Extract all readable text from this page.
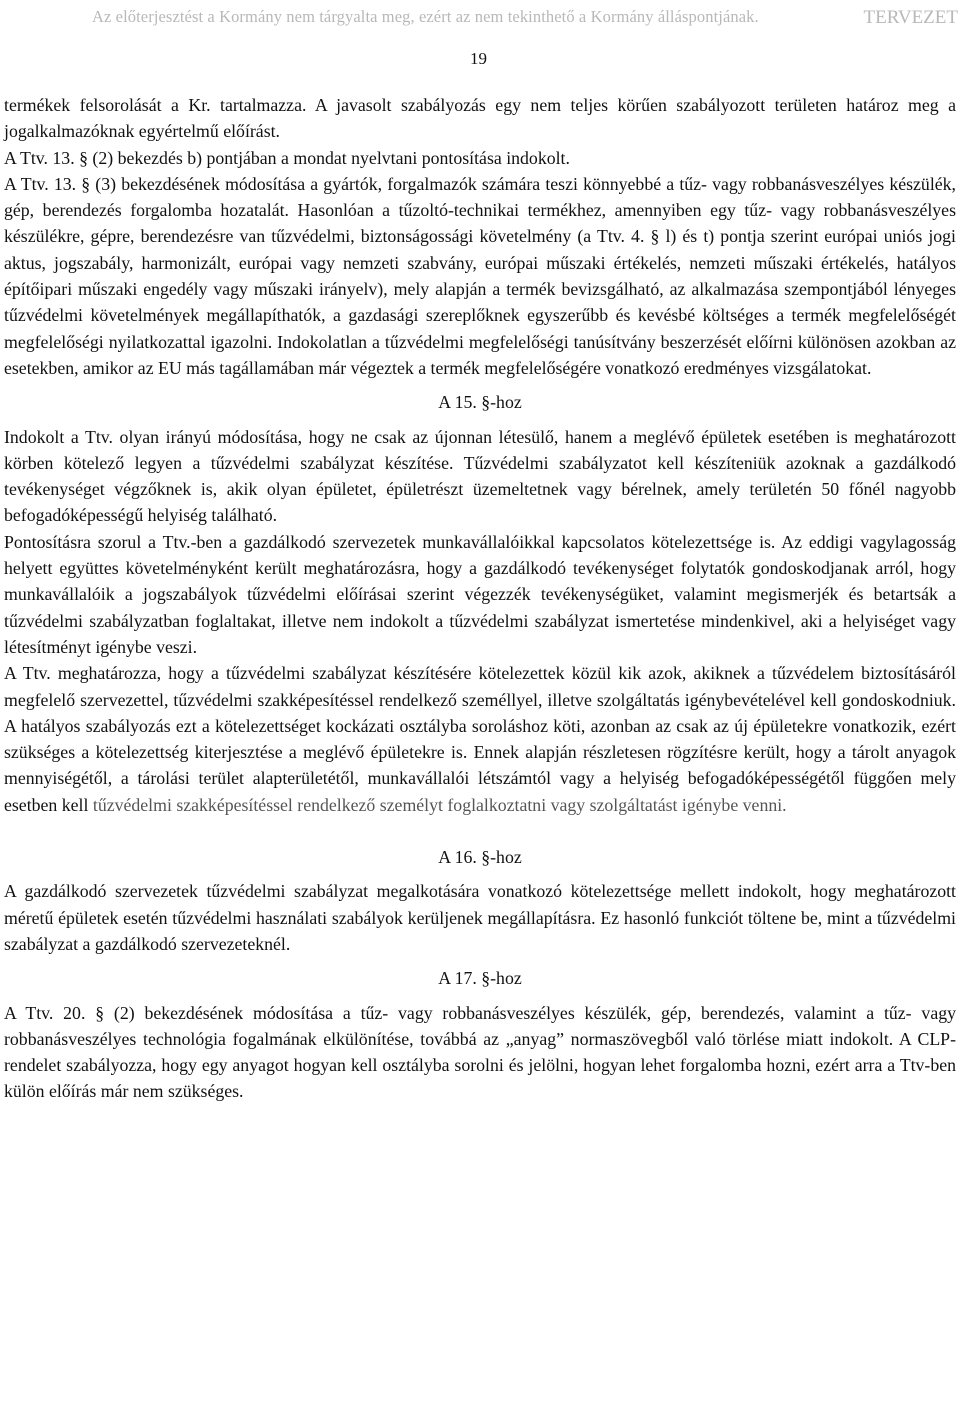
Az előterjesztést a Kormány nem tárgyalta meg, ezért az nem tekinthető a Kormány álláspontjának.	TERVEZET
19

termékek felsorolását a Kr. tartalmazza. A javasolt szabályozás egy nem teljes körűen szabályozott területen határoz meg a jogalkalmazóknak egyértelmű előírást.

A Ttv. 13. § (2) bekezdés b) pontjában a mondat nyelvtani pontosítása indokolt.

A Ttv. 13. § (3) bekezdésének módosítása a gyártók, forgalmazók számára teszi könnyebbé a tűz- vagy robbanásveszélyes készülék, gép, berendezés forgalomba hozatalát. Hasonlóan a tűzoltó-technikai termékhez, amennyiben egy tűz- vagy robbanásveszélyes készülékre, gépre, berendezésre van tűzvédelmi, biztonságossági követelmény (a Ttv. 4. § l) és t) pontja szerint európai uniós jogi aktus, jogszabály, harmonizált, európai vagy nemzeti szabvány, európai műszaki értékelés, nemzeti műszaki értékelés, hatályos építőipari műszaki engedély vagy műszaki irányelv), mely alapján a termék bevizsgálható, az alkalmazása szempontjából lényeges tűzvédelmi követelmények megállapíthatók, a gazdasági szereplőknek egyszerűbb és kevésbé költséges a termék megfelelőségét megfelelőségi nyilatkozattal igazolni. Indokolatlan a tűzvédelmi megfelelőségi tanúsítvány beszerzését előírni különösen azokban az esetekben, amikor az EU más tagállamában már végeztek a termék megfelelőségére vonatkozó eredményes vizsgálatokat.

A 15. §-hoz

Indokolt a Ttv. olyan irányú módosítása, hogy ne csak az újonnan létesülő, hanem a meglévő épületek esetében is meghatározott körben kötelező legyen a tűzvédelmi szabályzat készítése. Tűzvédelmi szabályzatot kell készíteniük azoknak a gazdálkodó tevékenységet végzőknek is, akik olyan épületet, épületrészt üzemeltetnek vagy bérelnek, amely területén 50 főnél nagyobb befogadóképességű helyiség található.

Pontosításra szorul a Ttv.-ben a gazdálkodó szervezetek munkavállalóikkal kapcsolatos kötelezettsége is. Az eddigi vagylagosság helyett együttes követelményként került meghatározásra, hogy a gazdálkodó tevékenységet folytatók gondoskodjanak arról, hogy munkavállalóik a jogszabályok tűzvédelmi előírásai szerint végezzék tevékenységüket, valamint megismerjék és betartsák a tűzvédelmi szabályzatban foglaltakat, illetve nem indokolt a tűzvédelmi szabályzat ismertetése mindenkivel, aki a helyiséget vagy létesítményt igénybe veszi.

A Ttv. meghatározza, hogy a tűzvédelmi szabályzat készítésére kötelezettek közül kik azok, akiknek a tűzvédelem biztosításáról megfelelő szervezettel, tűzvédelmi szakképesítéssel rendelkező személlyel, illetve szolgáltatás igénybevételével kell gondoskodniuk. A hatályos szabályozás ezt a kötelezettséget kockázati osztályba soroláshoz köti, azonban az csak az új épületekre vonatkozik, ezért szükséges a kötelezettség kiterjesztése a meglévő épületekre is. Ennek alapján részletesen rögzítésre került, hogy a tárolt anyagok mennyiségétől, a tárolási terület alapterületétől, munkavállalói létszámtól vagy a helyiség befogadóképességétől függően mely esetben kell tűzvédelmi szakképesítéssel rendelkező személyt foglalkoztatni vagy szolgáltatást igénybe venni.

A 16. §-hoz

A gazdálkodó szervezetek tűzvédelmi szabályzat megalkotására vonatkozó kötelezettsége mellett indokolt, hogy meghatározott méretű épületek esetén tűzvédelmi használati szabályok kerüljenek megállapításra. Ez hasonló funkciót töltene be, mint a tűzvédelmi szabályzat a gazdálkodó szervezeteknél.

A 17. §-hoz

A Ttv. 20. § (2) bekezdésének módosítása a tűz- vagy robbanásveszélyes készülék, gép, berendezés, valamint a tűz- vagy robbanásveszélyes technológia fogalmának elkülönítése, továbbá az „anyag” normaszövegből való törlése miatt indokolt. A CLP-rendelet szabályozza, hogy egy anyagot hogyan kell osztályba sorolni és jelölni, hogyan lehet forgalomba hozni, ezért arra a Ttv-ben külön előírás már nem szükséges.
